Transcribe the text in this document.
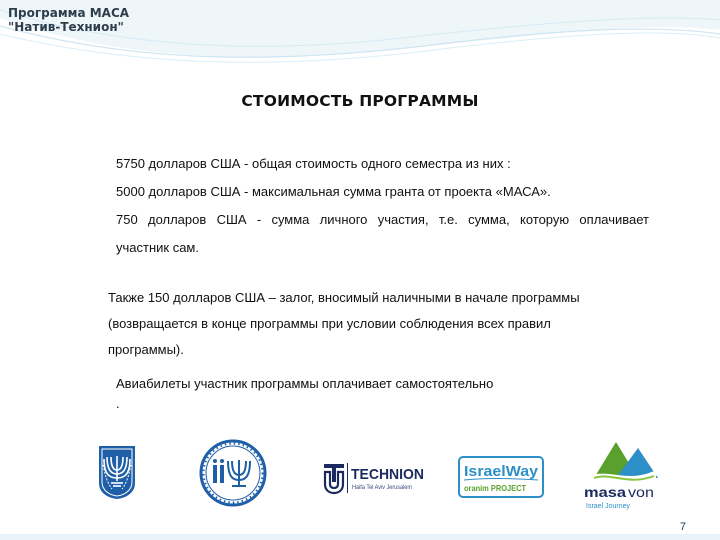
Программа МАСА
"Натив-Технион"
СТОИМОСТЬ ПРОГРАММЫ
5750 долларов США - общая стоимость одного семестра из них :
5000 долларов США - максимальная сумма гранта от проекта «МАСА».
750 долларов США - сумма личного участия, т.е. сумма, которую оплачивает
участник сам.
Также 150 долларов США – залог, вносимый наличными в начале программы
(возвращается в конце программы при условии соблюдения всех правил
программы).
Авиабилеты участник программы оплачивает самостоятельно
.
TECHNION
Haifa Tel Aviv Jerusalem
IsraelWay
oranim PROJECT	masa von
Israel Journey
7
